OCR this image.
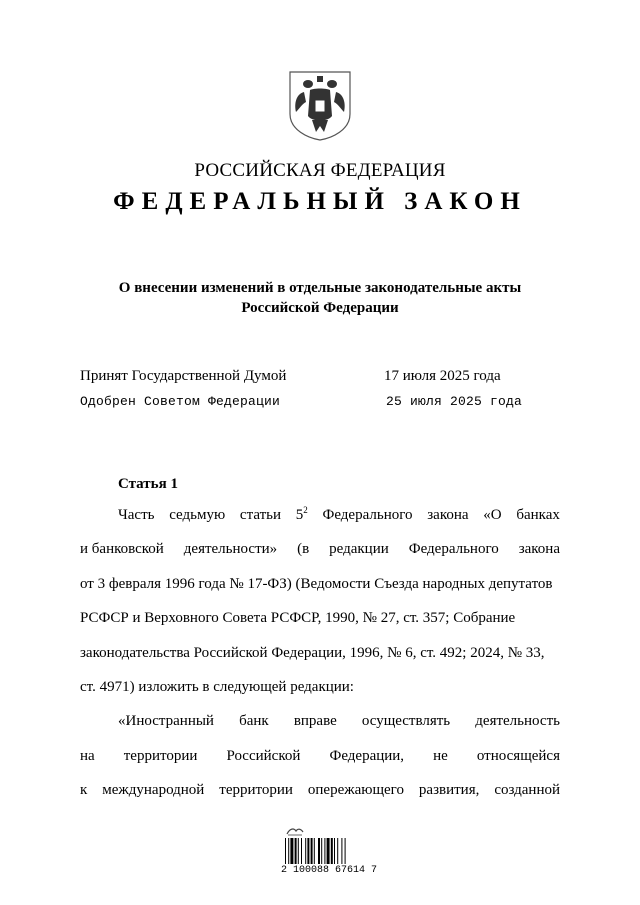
РОССИЙСКАЯ ФЕДЕРАЦИЯ
ФЕДЕРАЛЬНЫЙ ЗАКОН
О внесении изменений в отдельные законодательные акты
Российской Федерации
Принят Государственной Думой	17 июля 2025 года
Одобрен Советом Федерации	25 июля 2025 года
Статья 1
Часть седьмую статьи $5^2$ Федерального закона «О банках
и банковской деятельности» (в редакции Федерального закона
от 3 февраля 1996 года № 17-ФЗ) (Ведомости Съезда народных депутатов
РСФСР и Верховного Совета РСФСР, 1990, № 27, ст. 357; Собрание
законодательства Российской Федерации, 1996, № 6, ст. 492; 2024, № 33,
ст. 4971) изложить в следующей редакции:
«Иностранный банк вправе осуществлять деятельность
на территории Российской Федерации, не относящейся
к международной территории опережающего развития, созданной
2 100088 67614 7
